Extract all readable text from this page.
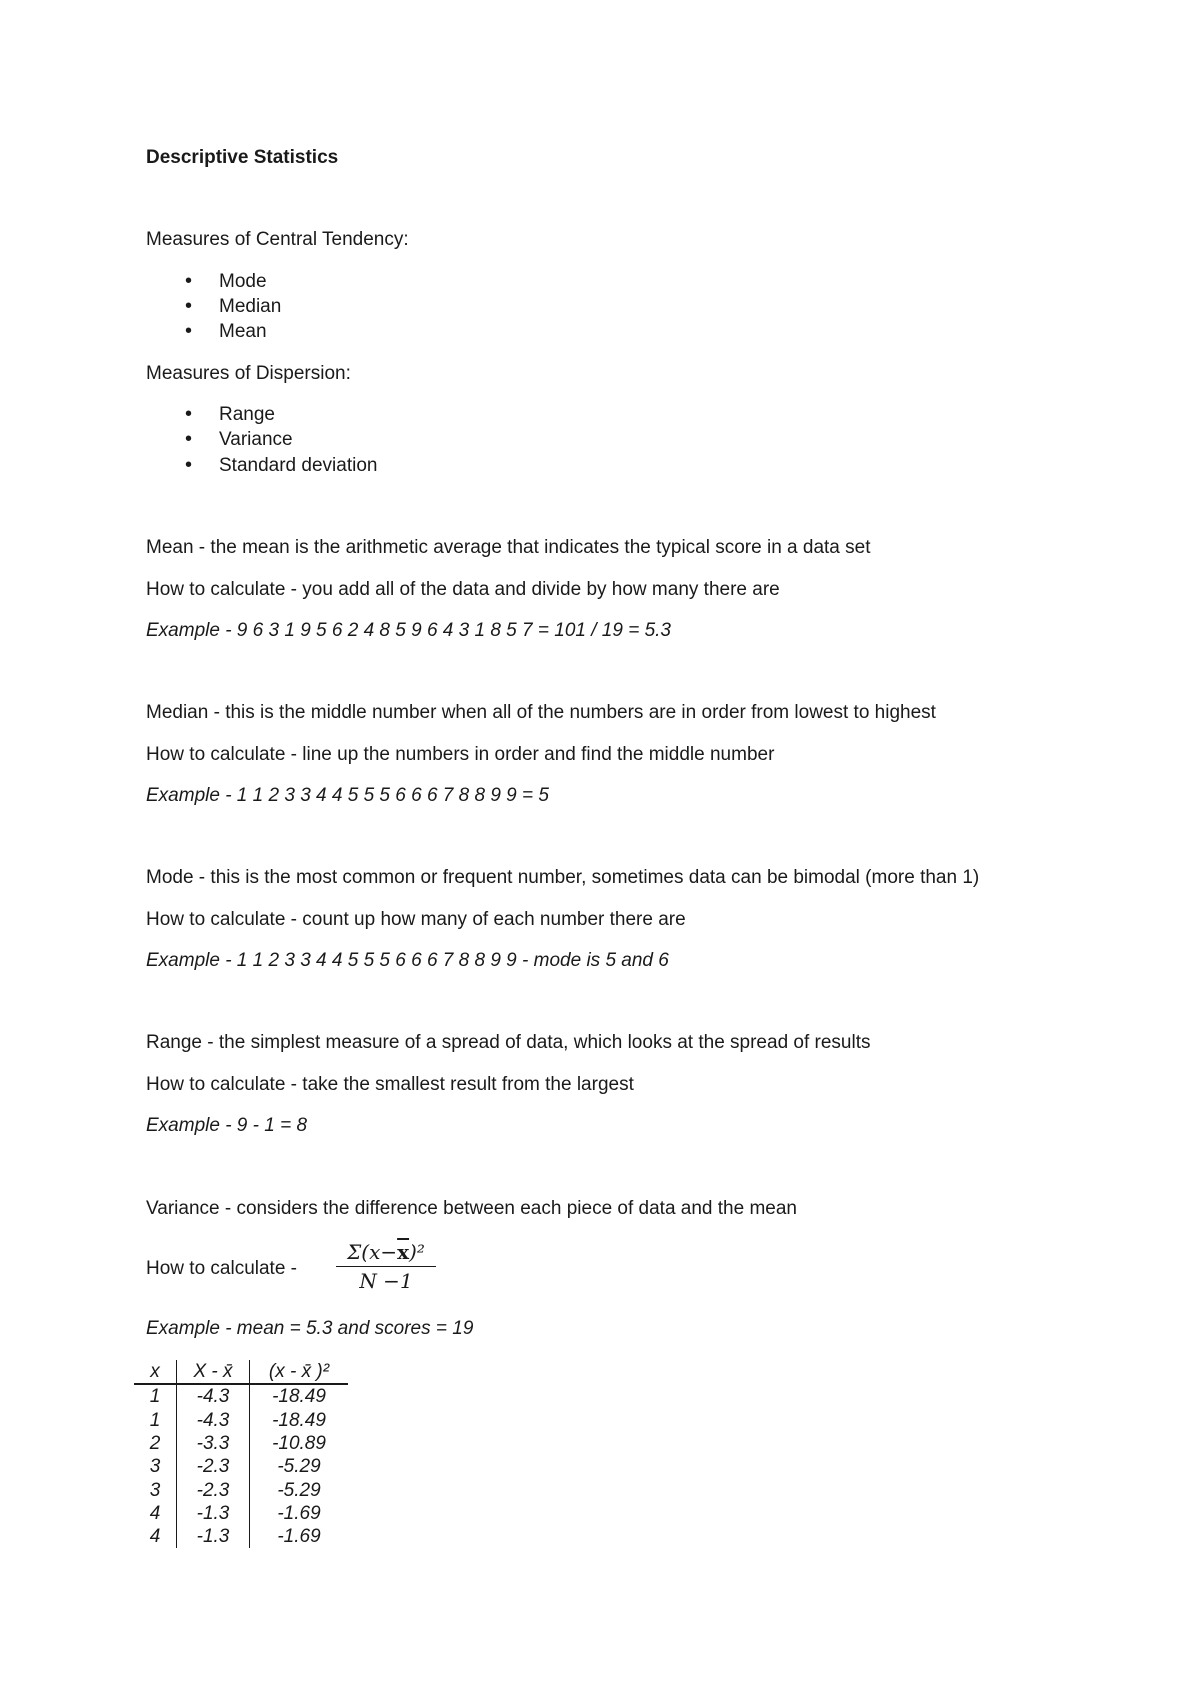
Descriptive Statistics
Measures of Central Tendency:
• Mode
• Median
• Mean
Measures of Dispersion:
• Range
• Variance
• Standard deviation
Mean - the mean is the arithmetic average that indicates the typical score in a data set
How to calculate - you add all of the data and divide by how many there are
Example - 9 6 3 1 9 5 6 2 4 8 5 9 6 4 3 1 8 5 7 = 101 / 19 = 5.3
Median - this is the middle number when all of the numbers are in order from lowest to highest
How to calculate - line up the numbers in order and find the middle number
Example - 1 1 2 3 3 4 4 5 5 5 6 6 6 7 8 8 9 9 = 5
Mode - this is the most common or frequent number, sometimes data can be bimodal (more than 1)
How to calculate - count up how many of each number there are
Example - 1 1 2 3 3 4 4 5 5 5 6 6 6 7 8 8 9 9 - mode is 5 and 6
Range - the simplest measure of a spread of data, which looks at the spread of results
How to calculate - take the smallest result from the largest
Example - 9 - 1 = 8
Variance - considers the difference between each piece of data and the mean
How to calculate - $\frac{\Sigma(x-\overline{x})^2}{N -1}$
Example - mean = 5.3 and scores = 19
x	X - x̄	(x - x̄ )²
1	-4.3	-18.49
1	-4.3	-18.49
2	-3.3	-10.89
3	-2.3	-5.29
3	-2.3	-5.29
4	-1.3	-1.69
4	-1.3	-1.69
